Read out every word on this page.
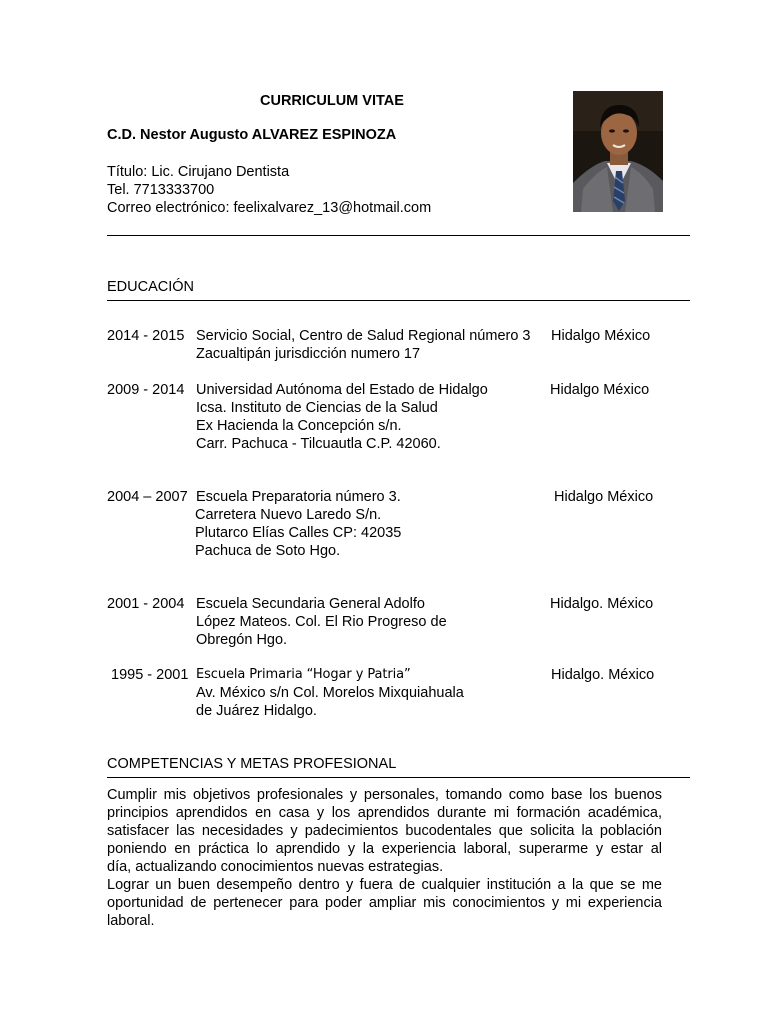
CURRICULUM VITAE
C.D. Nestor Augusto ALVAREZ ESPINOZA
Título: Lic. Cirujano Dentista
Tel. 7713333700
Correo electrónico: feelixalvarez_13@hotmail.com
EDUCACIÓN
2014 - 2015 Servicio Social, Centro de Salud Regional número 3
Zacualtipán jurisdicción numero 17
Hidalgo México
2009 - 2014 Universidad Autónoma del Estado de Hidalgo
Icsa. Instituto de Ciencias de la Salud
Ex Hacienda la Concepción s/n.
Carr. Pachuca - Tilcuautla C.P. 42060.
Hidalgo México
2004 – 2007 Escuela Preparatoria número 3.
Carretera Nuevo Laredo S/n.
Plutarco Elías Calles CP: 42035
Pachuca de Soto Hgo.
Hidalgo México
2001 - 2004 Escuela Secundaria General Adolfo
López Mateos. Col. El Rio Progreso de
Obregón Hgo.
Hidalgo. México
1995 - 2001 Escuela Primaria “Hogar y Patria”
Av. México s/n Col. Morelos Mixquiahuala
de Juárez Hidalgo.
Hidalgo. México
COMPETENCIAS Y METAS PROFESIONAL
Cumplir mis objetivos profesionales y personales, tomando como base los buenos
principios aprendidos en casa y los aprendidos durante mi formación académica,
satisfacer las necesidades y padecimientos bucodentales que solicita la población
poniendo en práctica lo aprendido y la experiencia laboral, superarme y estar al
día, actualizando conocimientos nuevas estrategias.
Lograr un buen desempeño dentro y fuera de cualquier institución a la que se me
oportunidad de pertenecer para poder ampliar mis conocimientos y mi experiencia
laboral.
